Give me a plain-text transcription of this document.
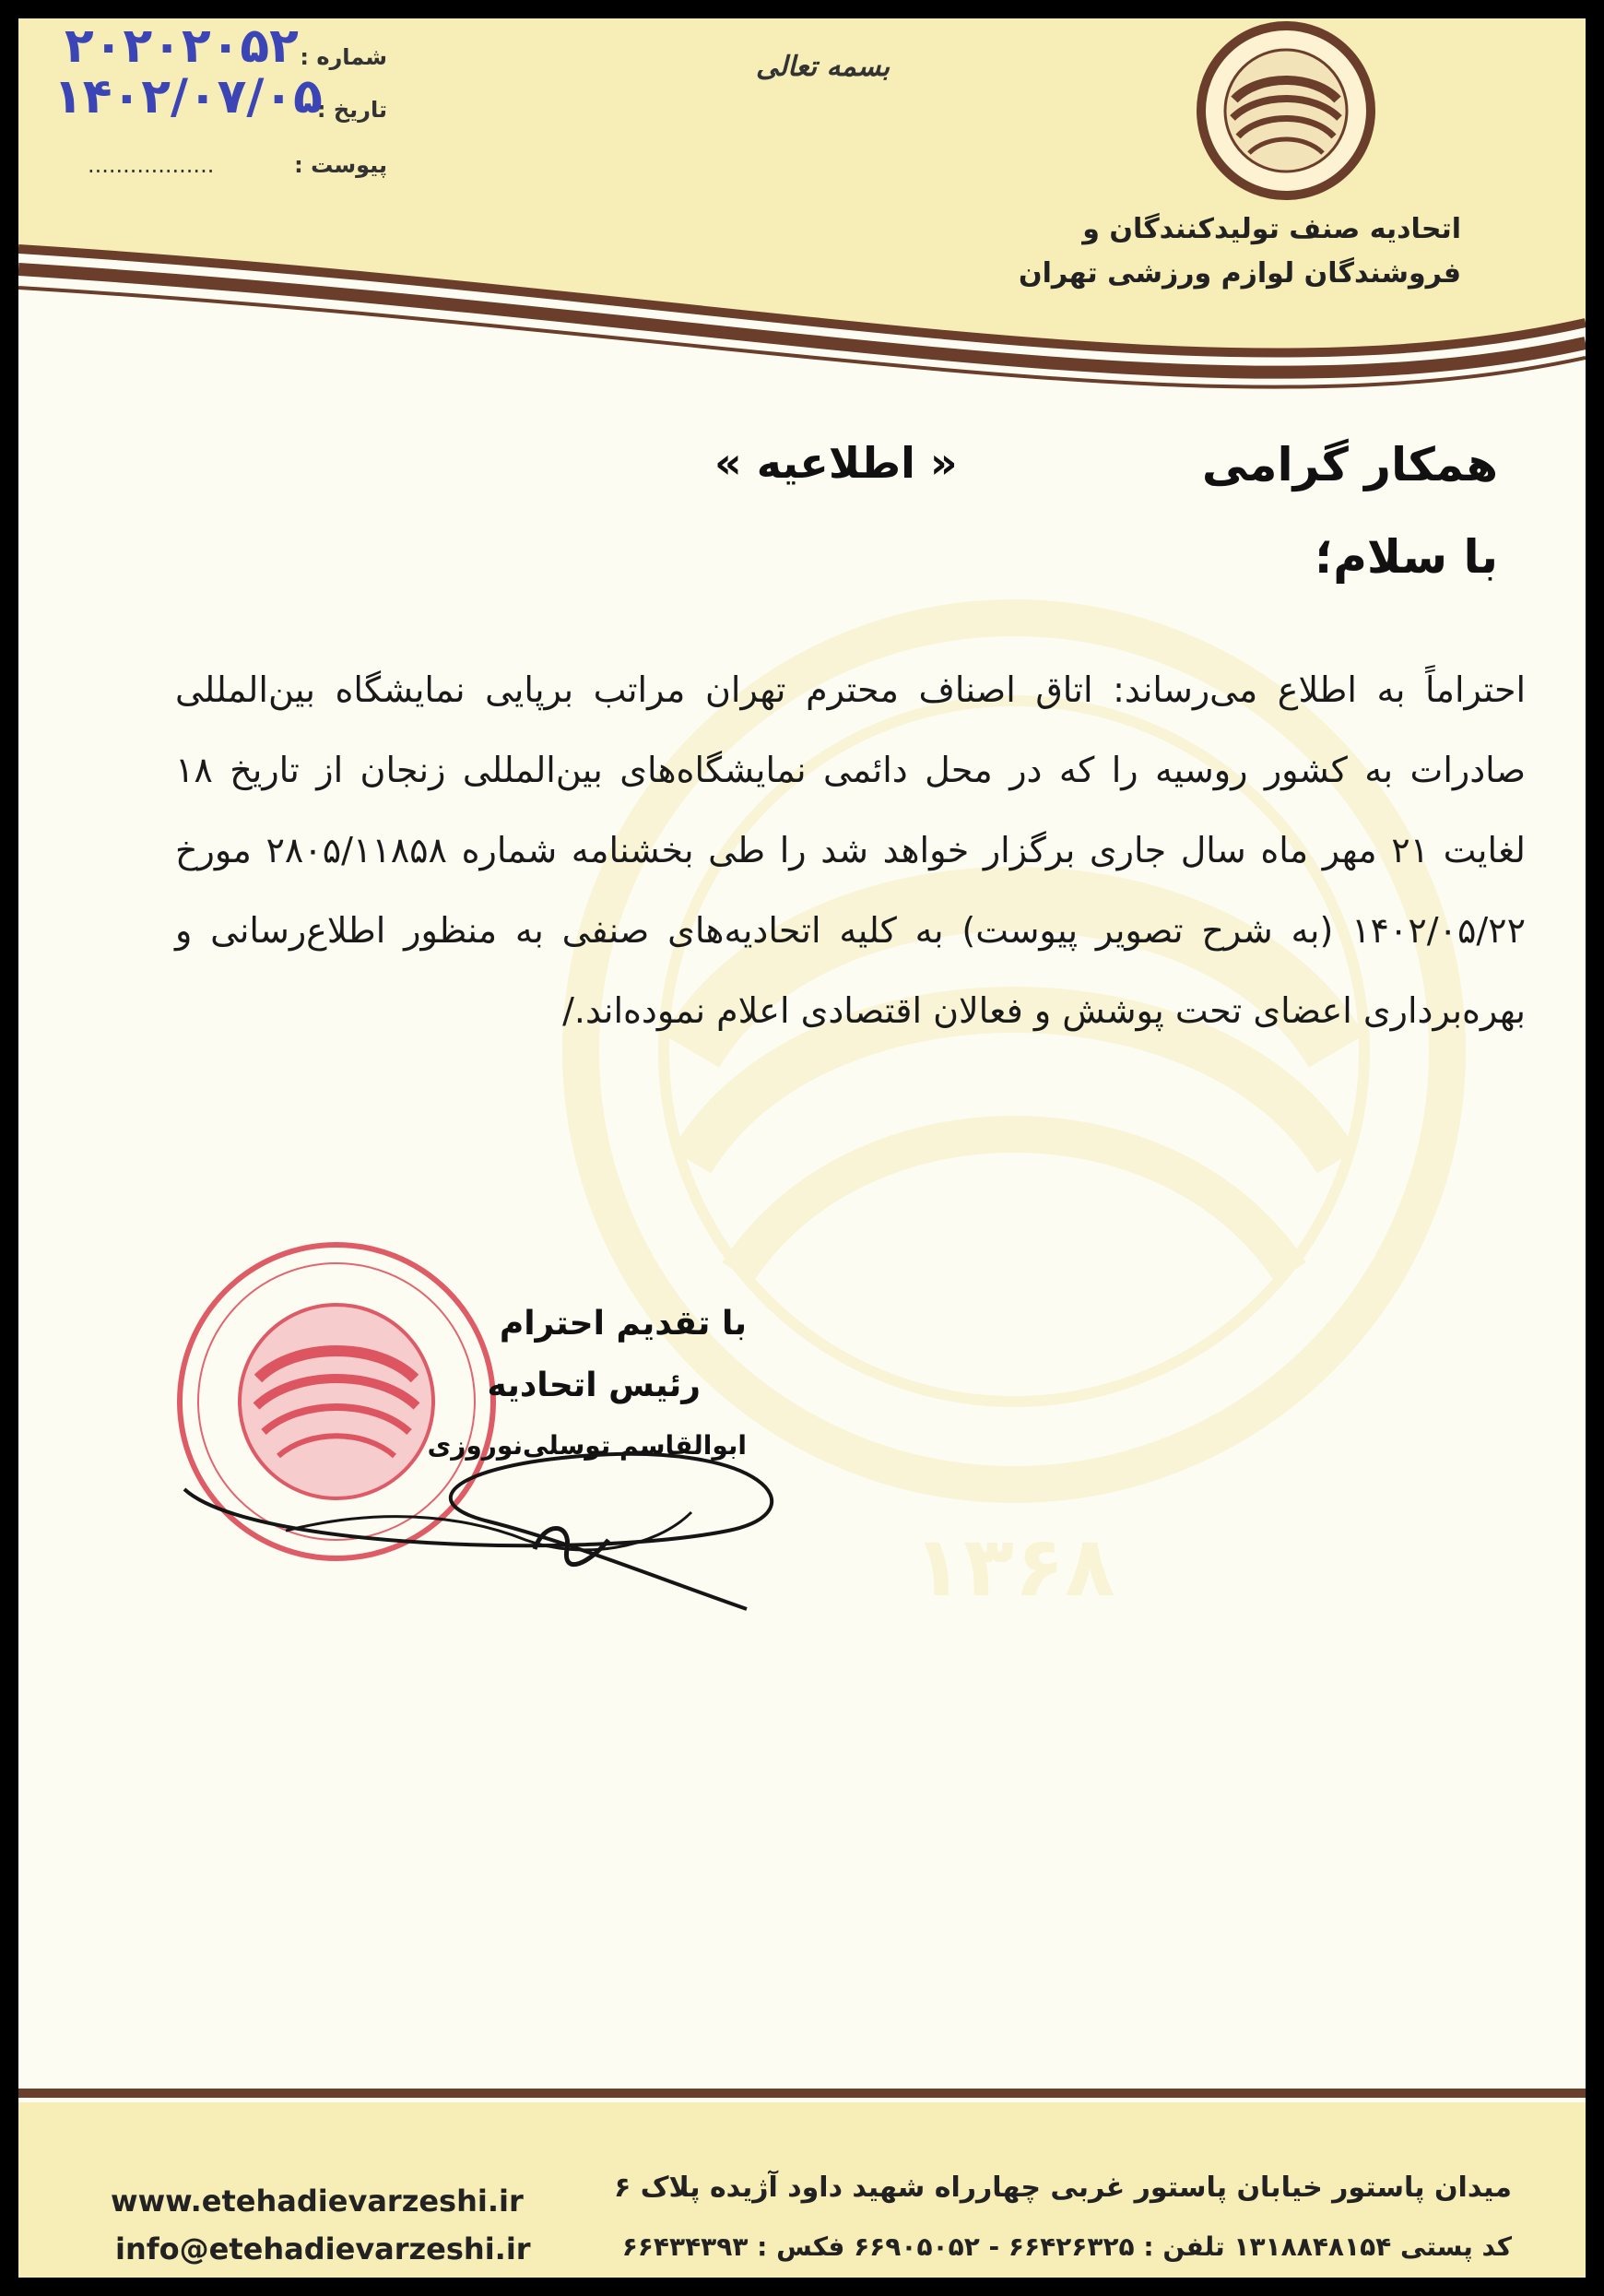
۱۳۶۸
بسمه تعالی
اتحادیه صنف تولیدکنندگان و
فروشندگان لوازم ورزشی تهران
شماره :
۲۰۲۰۲۰۵۲
تاریخ :
۱۴۰۲/۰۷/۰۵
پیوست :
..................
« اطلاعیه »	همکار گرامی
با سلام؛
احتراماً به اطلاع می‌رساند: اتاق اصناف محترم تهران مراتب برپایی نمایشگاه بین‌المللی صادرات به کشور روسیه را که در محل دائمی نمایشگاه‌های بین‌المللی زنجان از تاریخ ۱۸ لغایت ۲۱ مهر ماه سال جاری برگزار خواهد شد را طی بخشنامه شماره ۲۸۰۵/۱۱۸۵۸ مورخ ۱۴۰۲/۰۵/۲۲ (به شرح تصویر پیوست) به کلیه اتحادیه‌های صنفی به منظور اطلاع‌رسانی و بهره‌برداری اعضای تحت پوشش و فعالان اقتصادی اعلام نموده‌اند./
با تقدیم احترام
رئیس اتحادیه
ابوالقاسم توسلی‌نوروزی
میدان پاستور خیابان پاستور غربی چهارراه شهید داود آژیده پلاک ۶
کد پستی ۱۳۱۸۸۴۸۱۵۴ تلفن : ۶۶۴۲۶۳۲۵ - ۶۶۹۰۵۰۵۲ فکس : ۶۶۴۳۴۳۹۳
www.etehadievarzeshi.ir
info@etehadievarzeshi.ir
